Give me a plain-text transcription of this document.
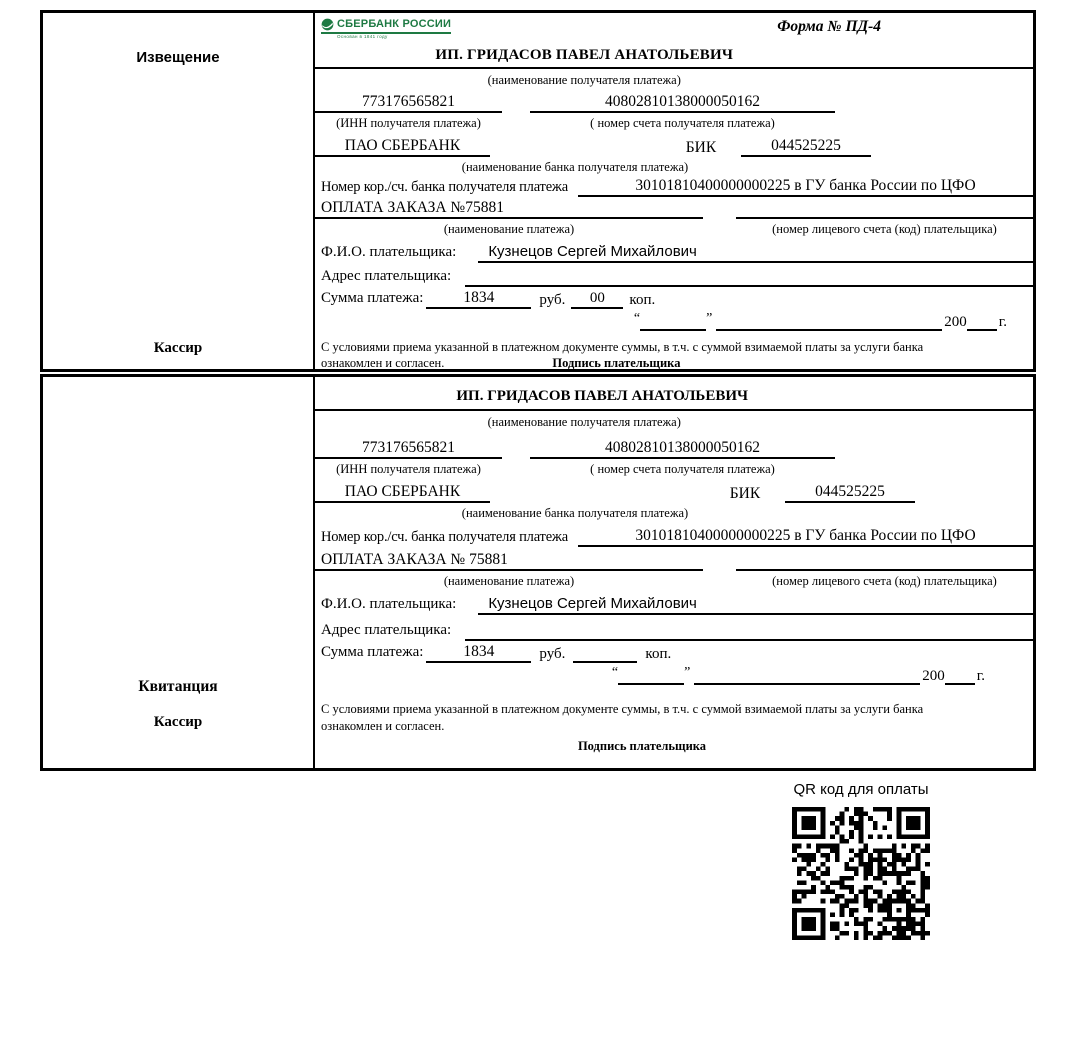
Извещение
Кассир
СБЕРБАНК РОССИИ
Основан в 1841 году
Форма № ПД-4
ИП. ГРИДАСОВ ПАВЕЛ АНАТОЛЬЕВИЧ
(наименование получателя платежа)
773176565821	40802810138000050162
(ИНН получателя платежа)	( номер счета получателя платежа)
ПАО СБЕРБАНК	БИК	044525225
(наименование банка получателя платежа)
Номер кор./сч. банка получателя платежа	30101810400000000225 в ГУ банка России по ЦФО
ОПЛАТА ЗАКАЗА №75881
(наименование платежа)	(номер лицевого счета (код) плательщика)
Ф.И.О. плательщика:	Кузнецов Сергей Михайлович
Адрес плательщика:
Сумма платежа:	1834	руб.	00	коп.
“	”	200 г.
С условиями приема указанной в платежном документе суммы, в т.ч. с суммой взимаемой платы за услуги банка
ознакомлен и согласен.	Подпись плательщика
Квитанция
Кассир
ИП. ГРИДАСОВ ПАВЕЛ АНАТОЛЬЕВИЧ
(наименование получателя платежа)
773176565821	40802810138000050162
(ИНН получателя платежа)	( номер счета получателя платежа)
ПАО СБЕРБАНК	БИК	044525225
(наименование банка получателя платежа)
Номер кор./сч. банка получателя платежа	30101810400000000225 в ГУ банка России по ЦФО
ОПЛАТА ЗАКАЗА № 75881
(наименование платежа)	(номер лицевого счета (код) плательщика)
Ф.И.О. плательщика:	Кузнецов Сергей Михайлович
Адрес плательщика:
Сумма платежа:	1834	руб.	коп.
“	”	200 г.
С условиями приема указанной в платежном документе суммы, в т.ч. с суммой взимаемой платы за услуги банка
ознакомлен и согласен.
Подпись плательщика
QR код для оплаты
